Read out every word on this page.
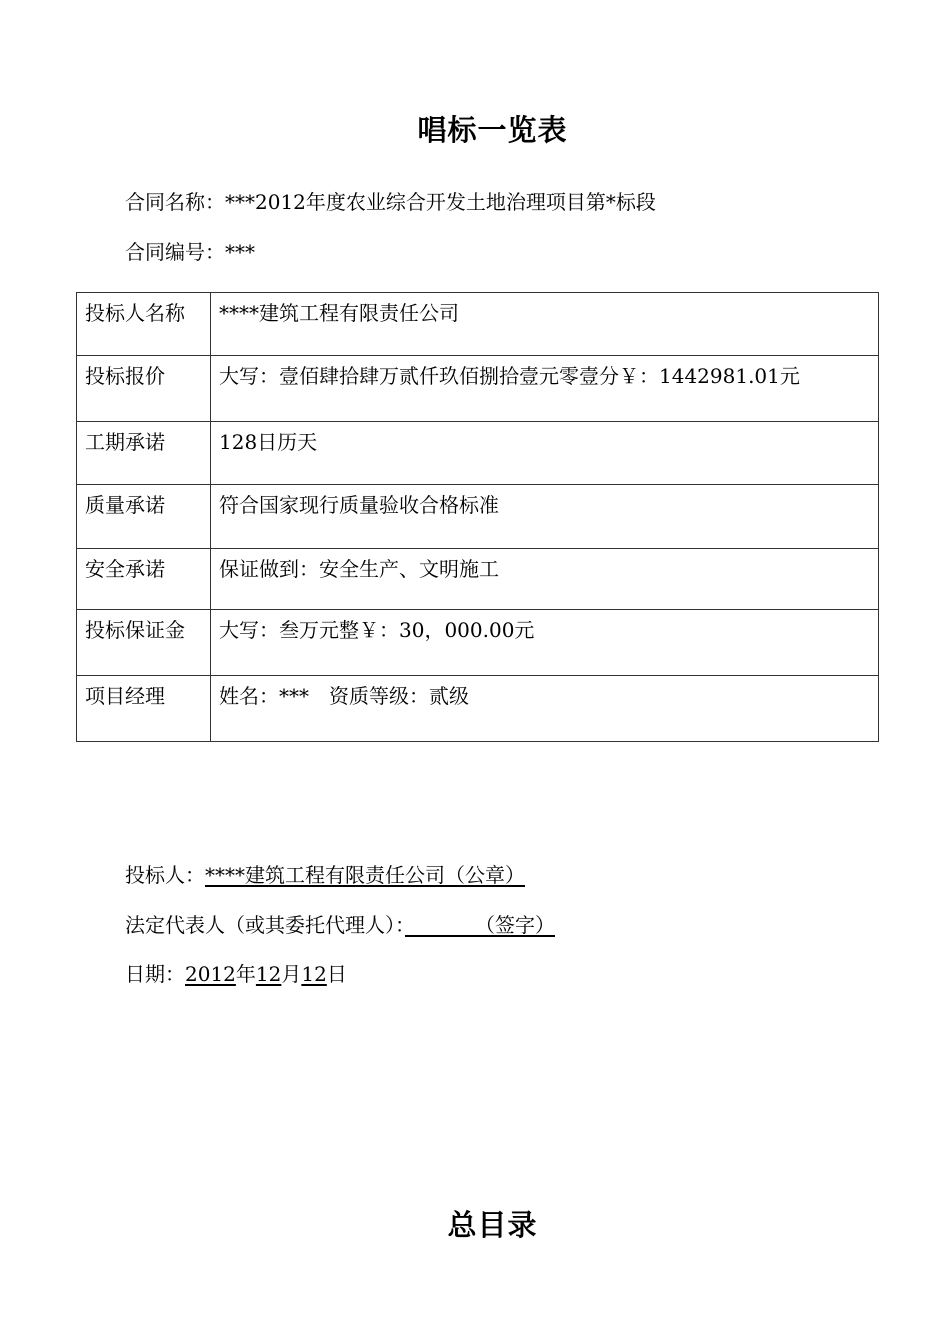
唱标一览表
合同名称：***2012年度农业综合开发土地治理项目第*标段
合同编号：***
投标人名称	****建筑工程有限责任公司
投标报价	大写：壹佰肆拾肆万贰仟玖佰捌拾壹元零壹分￥：1442981.01元
工期承诺	128日历天
质量承诺	符合国家现行质量验收合格标准
安全承诺	保证做到：安全生产、文明施工
投标保证金	大写：叁万元整￥：30，000.00元
项目经理	姓名：***　资质等级：贰级
投标人：****建筑工程有限责任公司（公章）
法定代表人（或其委托代理人）：　　　　（签字）
日期：2012年12月12日
总目录
